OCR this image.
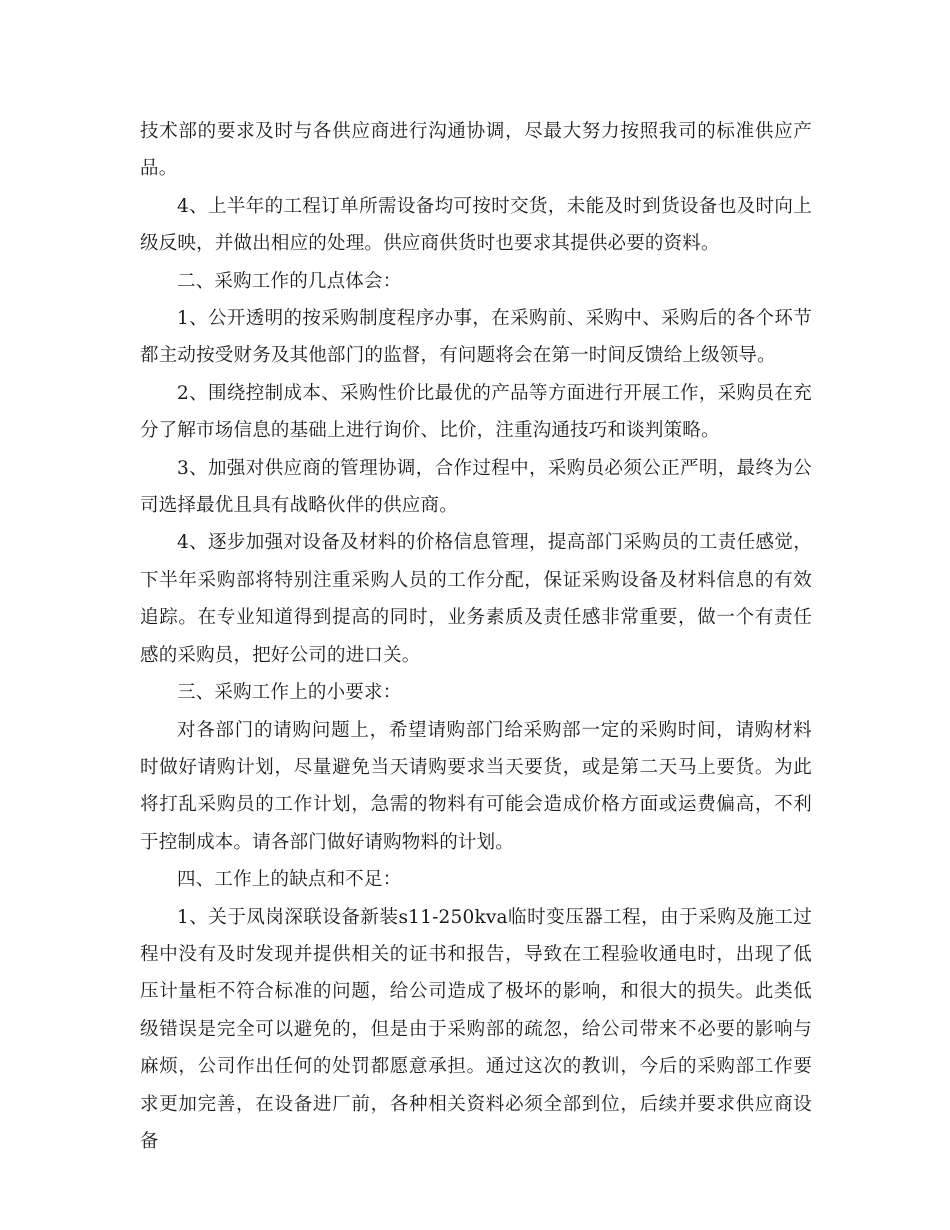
技术部的要求及时与各供应商进行沟通协调，尽最大努力按照我司的标准供应产品。

4、上半年的工程订单所需设备均可按时交货，未能及时到货设备也及时向上级反映，并做出相应的处理。供应商供货时也要求其提供必要的资料。

二、采购工作的几点体会：

1、公开透明的按采购制度程序办事，在采购前、采购中、采购后的各个环节都主动按受财务及其他部门的监督，有问题将会在第一时间反馈给上级领导。

2、围绕控制成本、采购性价比最优的产品等方面进行开展工作，采购员在充分了解市场信息的基础上进行询价、比价，注重沟通技巧和谈判策略。

3、加强对供应商的管理协调，合作过程中，采购员必须公正严明，最终为公司选择最优且具有战略伙伴的供应商。

4、逐步加强对设备及材料的价格信息管理，提高部门采购员的工责任感觉，下半年采购部将特别注重采购人员的工作分配，保证采购设备及材料信息的有效追踪。在专业知道得到提高的同时，业务素质及责任感非常重要，做一个有责任感的采购员，把好公司的进口关。

三、采购工作上的小要求：

对各部门的请购问题上，希望请购部门给采购部一定的采购时间，请购材料时做好请购计划，尽量避免当天请购要求当天要货，或是第二天马上要货。为此将打乱采购员的工作计划，急需的物料有可能会造成价格方面或运费偏高，不利于控制成本。请各部门做好请购物料的计划。

四、工作上的缺点和不足：

1、关于凤岗深联设备新装s11-250kva临时变压器工程，由于采购及施工过程中没有及时发现并提供相关的证书和报告，导致在工程验收通电时，出现了低压计量柜不符合标准的问题，给公司造成了极坏的影响，和很大的损失。此类低级错误是完全可以避免的，但是由于采购部的疏忽，给公司带来不必要的影响与麻烦，公司作出任何的处罚都愿意承担。通过这次的教训，今后的采购部工作要求更加完善，在设备进厂前，各种相关资料必须全部到位，后续并要求供应商设备
